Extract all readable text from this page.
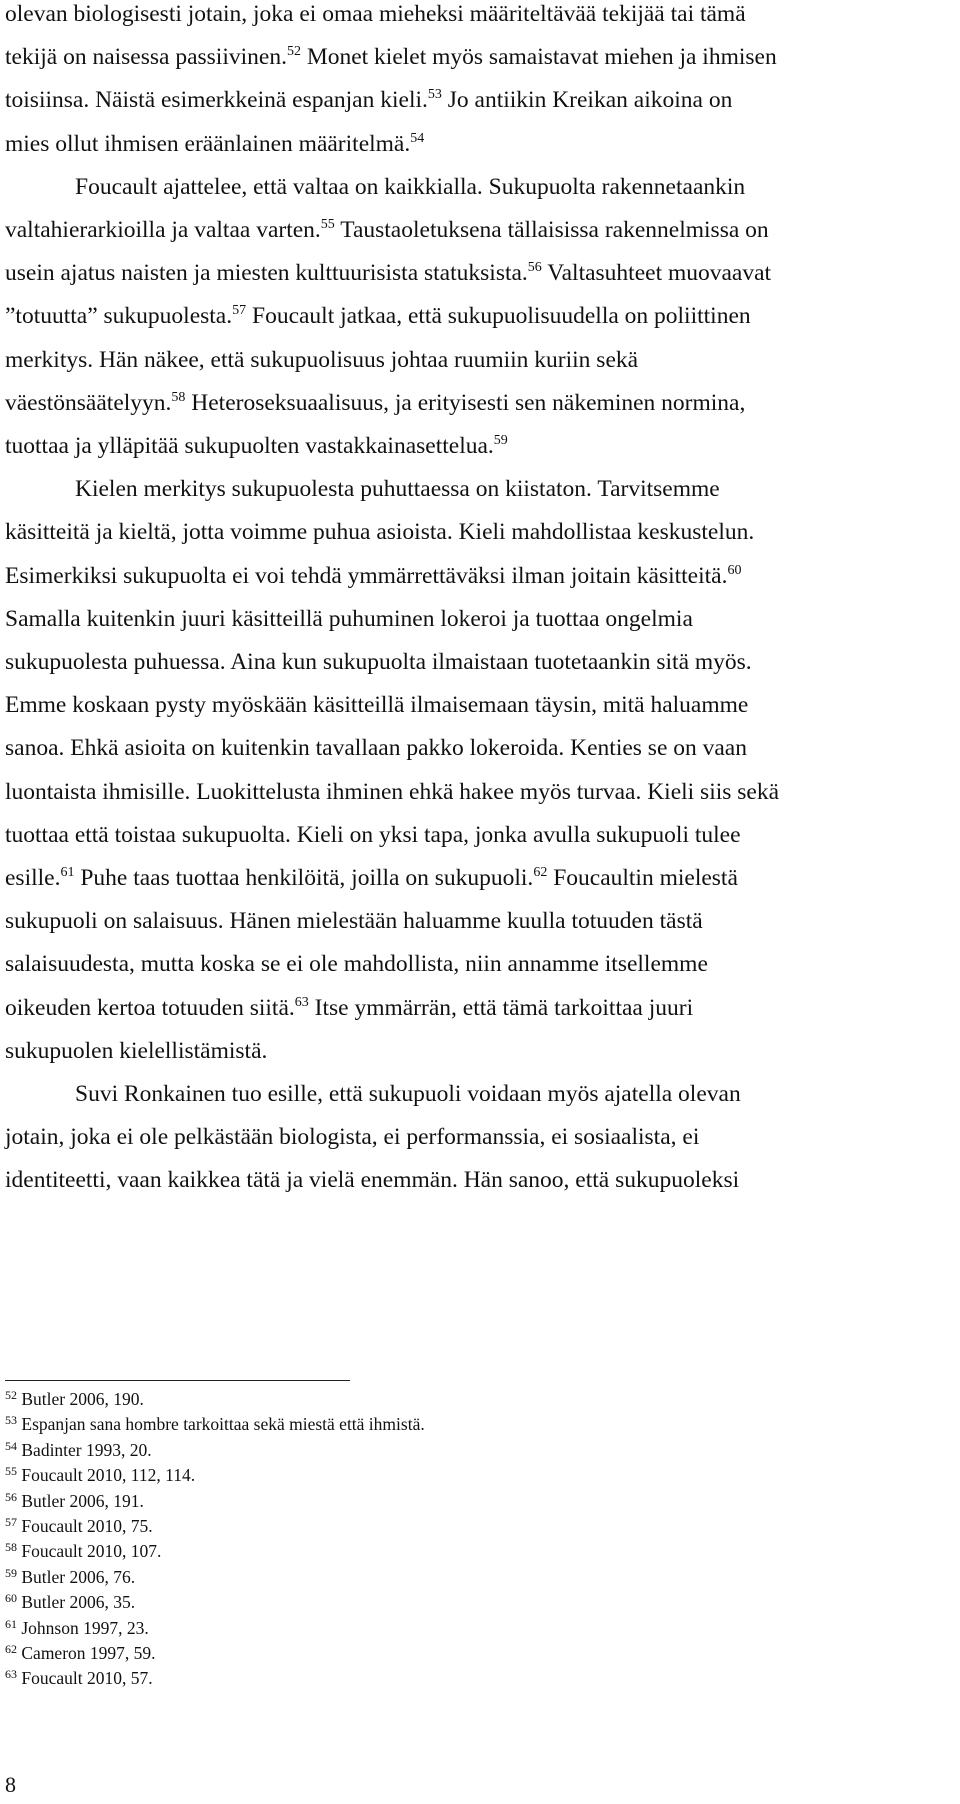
olevan biologisesti jotain, joka ei omaa mieheksi määriteltävää tekijää tai tämä
tekijä on naisessa passiivinen.$^{52}$ Monet kielet myös samaistavat miehen ja ihmisen
toisiinsa. Näistä esimerkkeinä espanjan kieli.$^{53}$ Jo antiikin Kreikan aikoina on
mies ollut ihmisen eräänlainen määritelmä.$^{54}$
Foucault ajattelee, että valtaa on kaikkialla. Sukupuolta rakennetaankin
valtahierarkioilla ja valtaa varten.$^{55}$ Taustaoletuksena tällaisissa rakennelmissa on
usein ajatus naisten ja miesten kulttuurisista statuksista.$^{56}$ Valtasuhteet muovaavat
”totuutta” sukupuolesta.$^{57}$ Foucault jatkaa, että sukupuolisuudella on poliittinen
merkitys. Hän näkee, että sukupuolisuus johtaa ruumiin kuriin sekä
väestönsäätelyyn.$^{58}$ Heteroseksuaalisuus, ja erityisesti sen näkeminen normina,
tuottaa ja ylläpitää sukupuolten vastakkainasettelua.$^{59}$
Kielen merkitys sukupuolesta puhuttaessa on kiistaton. Tarvitsemme
käsitteitä ja kieltä, jotta voimme puhua asioista. Kieli mahdollistaa keskustelun.
Esimerkiksi sukupuolta ei voi tehdä ymmärrettäväksi ilman joitain käsitteitä.$^{60}$
Samalla kuitenkin juuri käsitteillä puhuminen lokeroi ja tuottaa ongelmia
sukupuolesta puhuessa. Aina kun sukupuolta ilmaistaan tuotetaankin sitä myös.
Emme koskaan pysty myöskään käsitteillä ilmaisemaan täysin, mitä haluamme
sanoa. Ehkä asioita on kuitenkin tavallaan pakko lokeroida. Kenties se on vaan
luontaista ihmisille. Luokittelusta ihminen ehkä hakee myös turvaa. Kieli siis sekä
tuottaa että toistaa sukupuolta. Kieli on yksi tapa, jonka avulla sukupuoli tulee
esille.$^{61}$ Puhe taas tuottaa henkilöitä, joilla on sukupuoli.$^{62}$ Foucaultin mielestä
sukupuoli on salaisuus. Hänen mielestään haluamme kuulla totuuden tästä
salaisuudesta, mutta koska se ei ole mahdollista, niin annamme itsellemme
oikeuden kertoa totuuden siitä.$^{63}$ Itse ymmärrän, että tämä tarkoittaa juuri
sukupuolen kielellistämistä.
Suvi Ronkainen tuo esille, että sukupuoli voidaan myös ajatella olevan
jotain, joka ei ole pelkästään biologista, ei performanssia, ei sosiaalista, ei
identiteetti, vaan kaikkea tätä ja vielä enemmän. Hän sanoo, että sukupuoleksi
$^{52}$ Butler 2006, 190.
$^{53}$ Espanjan sana hombre tarkoittaa sekä miestä että ihmistä.
$^{54}$ Badinter 1993, 20.
$^{55}$ Foucault 2010, 112, 114.
$^{56}$ Butler 2006, 191.
$^{57}$ Foucault 2010, 75.
$^{58}$ Foucault 2010, 107.
$^{59}$ Butler 2006, 76.
$^{60}$ Butler 2006, 35.
$^{61}$ Johnson 1997, 23.
$^{62}$ Cameron 1997, 59.
$^{63}$ Foucault 2010, 57.
8
